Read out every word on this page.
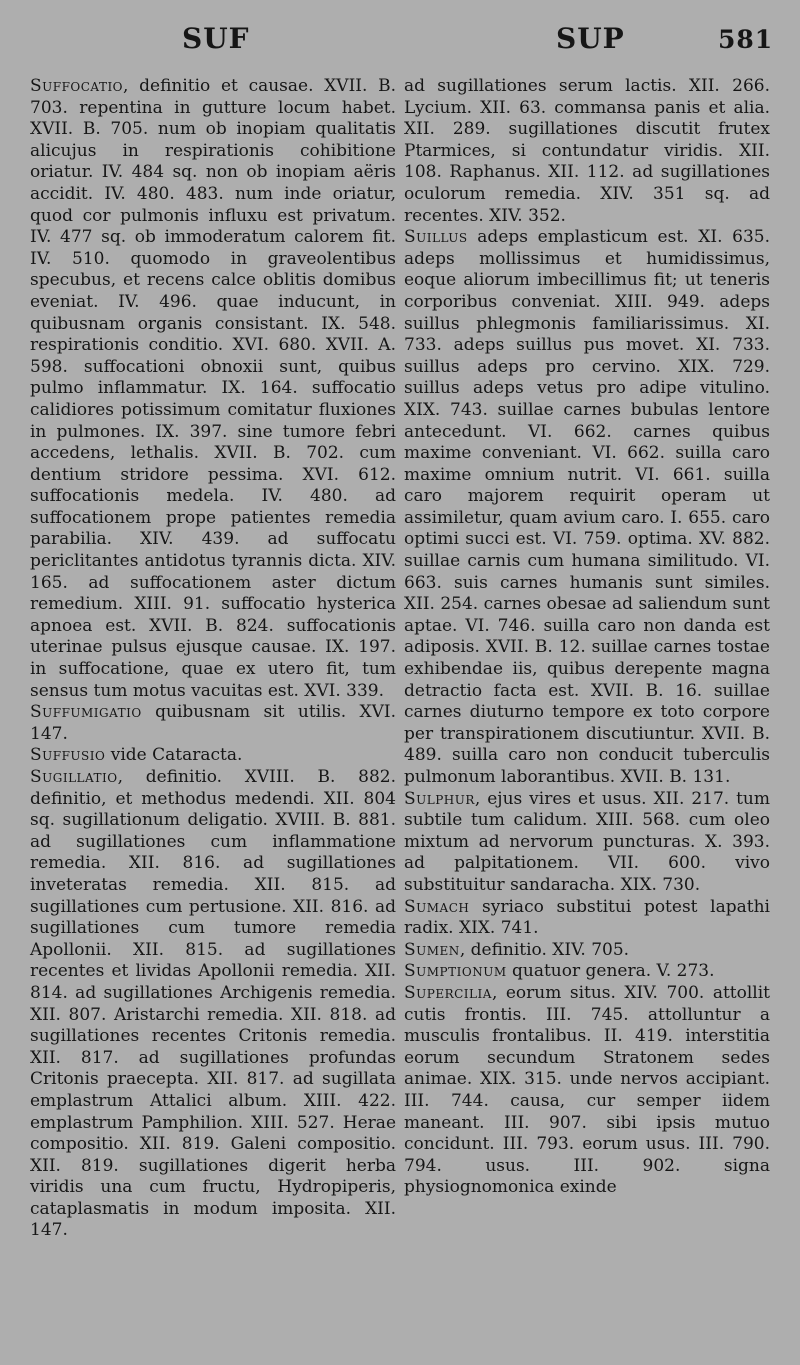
SUF	SUP	581

Suffocatio, definitio et causae. XVII. B. 703. repentina in gutture locum habet. XVII. B. 705. num ob inopiam qualitatis alicujus in respirationis cohibitione oriatur. IV. 484 sq. non ob inopiam aëris accidit. IV. 480. 483. num inde oriatur, quod cor pulmonis influxu est privatum. IV. 477 sq. ob immoderatum calorem fit. IV. 510. quomodo in graveolentibus specubus, et recens calce oblitis domibus eveniat. IV. 496. quae inducunt, in quibusnam organis consistant. IX. 548. respirationis conditio. XVI. 680. XVII. A. 598. suffocationi obnoxii sunt, quibus pulmo inflammatur. IX. 164. suffocatio calidiores potissimum comitatur fluxiones in pulmones. IX. 397. sine tumore febri accedens, lethalis. XVII. B. 702. cum dentium stridore pessima. XVI. 612. suffocationis medela. IV. 480. ad suffocationem prope patientes remedia parabilia. XIV. 439. ad suffocatu periclitantes antidotus tyrannis dicta. XIV. 165. ad suffocationem aster dictum remedium. XIII. 91. suffocatio hysterica apnoea est. XVII. B. 824. suffocationis uterinae pulsus ejusque causae. IX. 197. in suffocatione, quae ex utero fit, tum sensus tum motus vacuitas est. XVI. 339.

Suffumigatio quibusnam sit utilis. XVI. 147.

Suffusio vide Cataracta.

Sugillatio, definitio. XVIII. B. 882. definitio, et methodus medendi. XII. 804 sq. sugillationum deligatio. XVIII. B. 881. ad sugillationes cum inflammatione remedia. XII. 816. ad sugillationes inveteratas remedia. XII. 815. ad sugillationes cum pertusione. XII. 816. ad sugillationes cum tumore remedia Apollonii. XII. 815. ad sugillationes recentes et lividas Apollonii remedia. XII. 814. ad sugillationes Archigenis remedia. XII. 807. Aristarchi remedia. XII. 818. ad sugillationes recentes Critonis remedia. XII. 817. ad sugillationes profundas Critonis praecepta. XII. 817. ad sugillata emplastrum Attalici album. XIII. 422. emplastrum Pamphilion. XIII. 527. Herae compositio. XII. 819. Galeni compositio. XII. 819. sugillationes digerit herba viridis una cum fructu, Hydropiperis, cataplasmatis in modum imposita. XII. 147.

ad sugillationes serum lactis. XII. 266. Lycium. XII. 63. commansa panis et alia. XII. 289. sugillationes discutit frutex Ptarmices, si contundatur viridis. XII. 108. Raphanus. XII. 112. ad sugillationes oculorum remedia. XIV. 351 sq. ad recentes. XIV. 352.

Suillus adeps emplasticum est. XI. 635. adeps mollissimus et humidissimus, eoque aliorum imbecillimus fit; ut teneris corporibus conveniat. XIII. 949. adeps suillus phlegmonis familiarissimus. XI. 733. adeps suillus pus movet. XI. 733. suillus adeps pro cervino. XIX. 729. suillus adeps vetus pro adipe vitulino. XIX. 743. suillae carnes bubulas lentore antecedunt. VI. 662. carnes quibus maxime conveniant. VI. 662. suilla caro maxime omnium nutrit. VI. 661. suilla caro majorem requirit operam ut assimiletur, quam avium caro. I. 655. caro optimi succi est. VI. 759. optima. XV. 882. suillae carnis cum humana similitudo. VI. 663. suis carnes humanis sunt similes. XII. 254. carnes obesae ad saliendum sunt aptae. VI. 746. suilla caro non danda est adiposis. XVII. B. 12. suillae carnes tostae exhibendae iis, quibus derepente magna detractio facta est. XVII. B. 16. suillae carnes diuturno tempore ex toto corpore per transpirationem discutiuntur. XVII. B. 489. suilla caro non conducit tuberculis pulmonum laborantibus. XVII. B. 131.

Sulphur, ejus vires et usus. XII. 217. tum subtile tum calidum. XIII. 568. cum oleo mixtum ad nervorum puncturas. X. 393. ad palpitationem. VII. 600. vivo substituitur sandaracha. XIX. 730.

Sumach syriaco substitui potest lapathi radix. XIX. 741.

Sumen, definitio. XIV. 705.

Sumptionum quatuor genera. V. 273.

Supercilia, eorum situs. XIV. 700. attollit cutis frontis. III. 745. attolluntur a musculis frontalibus. II. 419. interstitia eorum secundum Stratonem sedes animae. XIX. 315. unde nervos accipiant. III. 744. causa, cur semper iidem maneant. III. 907. sibi ipsis mutuo concidunt. III. 793. eorum usus. III. 790. 794. usus. III. 902. signa physiognomonica exinde
